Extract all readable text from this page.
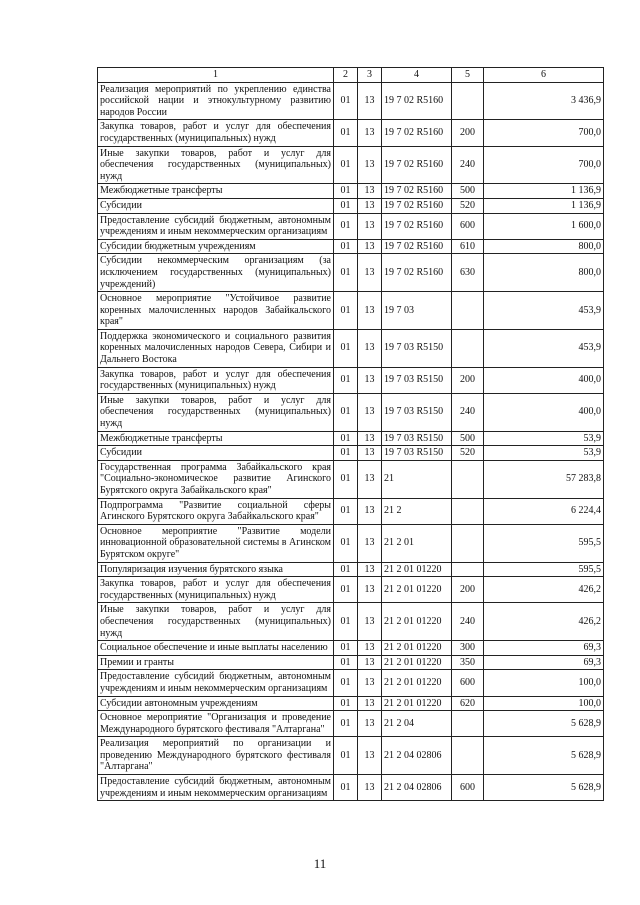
1	2	3	4	5	6
Реализация мероприятий по укреплению единства российской нации и этнокультурному развитию народов России	01	13	19 7 02 R5160		3 436,9
Закупка товаров, работ и услуг для обеспечения государственных (муниципальных) нужд	01	13	19 7 02 R5160	200	700,0
Иные закупки товаров, работ и услуг для обеспечения государственных (муниципальных) нужд	01	13	19 7 02 R5160	240	700,0
Межбюджетные трансферты	01	13	19 7 02 R5160	500	1 136,9
Субсидии	01	13	19 7 02 R5160	520	1 136,9
Предоставление субсидий бюджетным, автономным учреждениям и иным некоммерческим организациям	01	13	19 7 02 R5160	600	1 600,0
Субсидии бюджетным учреждениям	01	13	19 7 02 R5160	610	800,0
Субсидии некоммерческим организациям (за исключением государственных (муниципальных) учреждений)	01	13	19 7 02 R5160	630	800,0
Основное мероприятие "Устойчивое развитие коренных малочисленных народов Забайкальского края"	01	13	19 7 03		453,9
Поддержка экономического и социального развития коренных малочисленных народов Севера, Сибири и Дальнего Востока	01	13	19 7 03 R5150		453,9
Закупка товаров, работ и услуг для обеспечения государственных (муниципальных) нужд	01	13	19 7 03 R5150	200	400,0
Иные закупки товаров, работ и услуг для обеспечения государственных (муниципальных) нужд	01	13	19 7 03 R5150	240	400,0
Межбюджетные трансферты	01	13	19 7 03 R5150	500	53,9
Субсидии	01	13	19 7 03 R5150	520	53,9
Государственная программа Забайкальского края "Социально-экономическое развитие Агинского Бурятского округа Забайкальского края"	01	13	21		57 283,8
Подпрограмма "Развитие социальной сферы Агинского Бурятского округа Забайкальского края"	01	13	21 2		6 224,4
Основное мероприятие "Развитие модели инновационной образовательной системы в Агинском Бурятском округе"	01	13	21 2 01		595,5
Популяризация изучения бурятского языка	01	13	21 2 01 01220		595,5
Закупка товаров, работ и услуг для обеспечения государственных (муниципальных) нужд	01	13	21 2 01 01220	200	426,2
Иные закупки товаров, работ и услуг для обеспечения государственных (муниципальных) нужд	01	13	21 2 01 01220	240	426,2
Социальное обеспечение и иные выплаты населению	01	13	21 2 01 01220	300	69,3
Премии и гранты	01	13	21 2 01 01220	350	69,3
Предоставление субсидий бюджетным, автономным учреждениям и иным некоммерческим организациям	01	13	21 2 01 01220	600	100,0
Субсидии автономным учреждениям	01	13	21 2 01 01220	620	100,0
Основное мероприятие "Организация и проведение Международного бурятского фестиваля "Алтаргана"	01	13	21 2 04		5 628,9
Реализация мероприятий по организации и проведению Международного бурятского фестиваля "Алтаргана"	01	13	21 2 04 02806		5 628,9
Предоставление субсидий бюджетным, автономным учреждениям и иным некоммерческим организациям	01	13	21 2 04 02806	600	5 628,9
11
